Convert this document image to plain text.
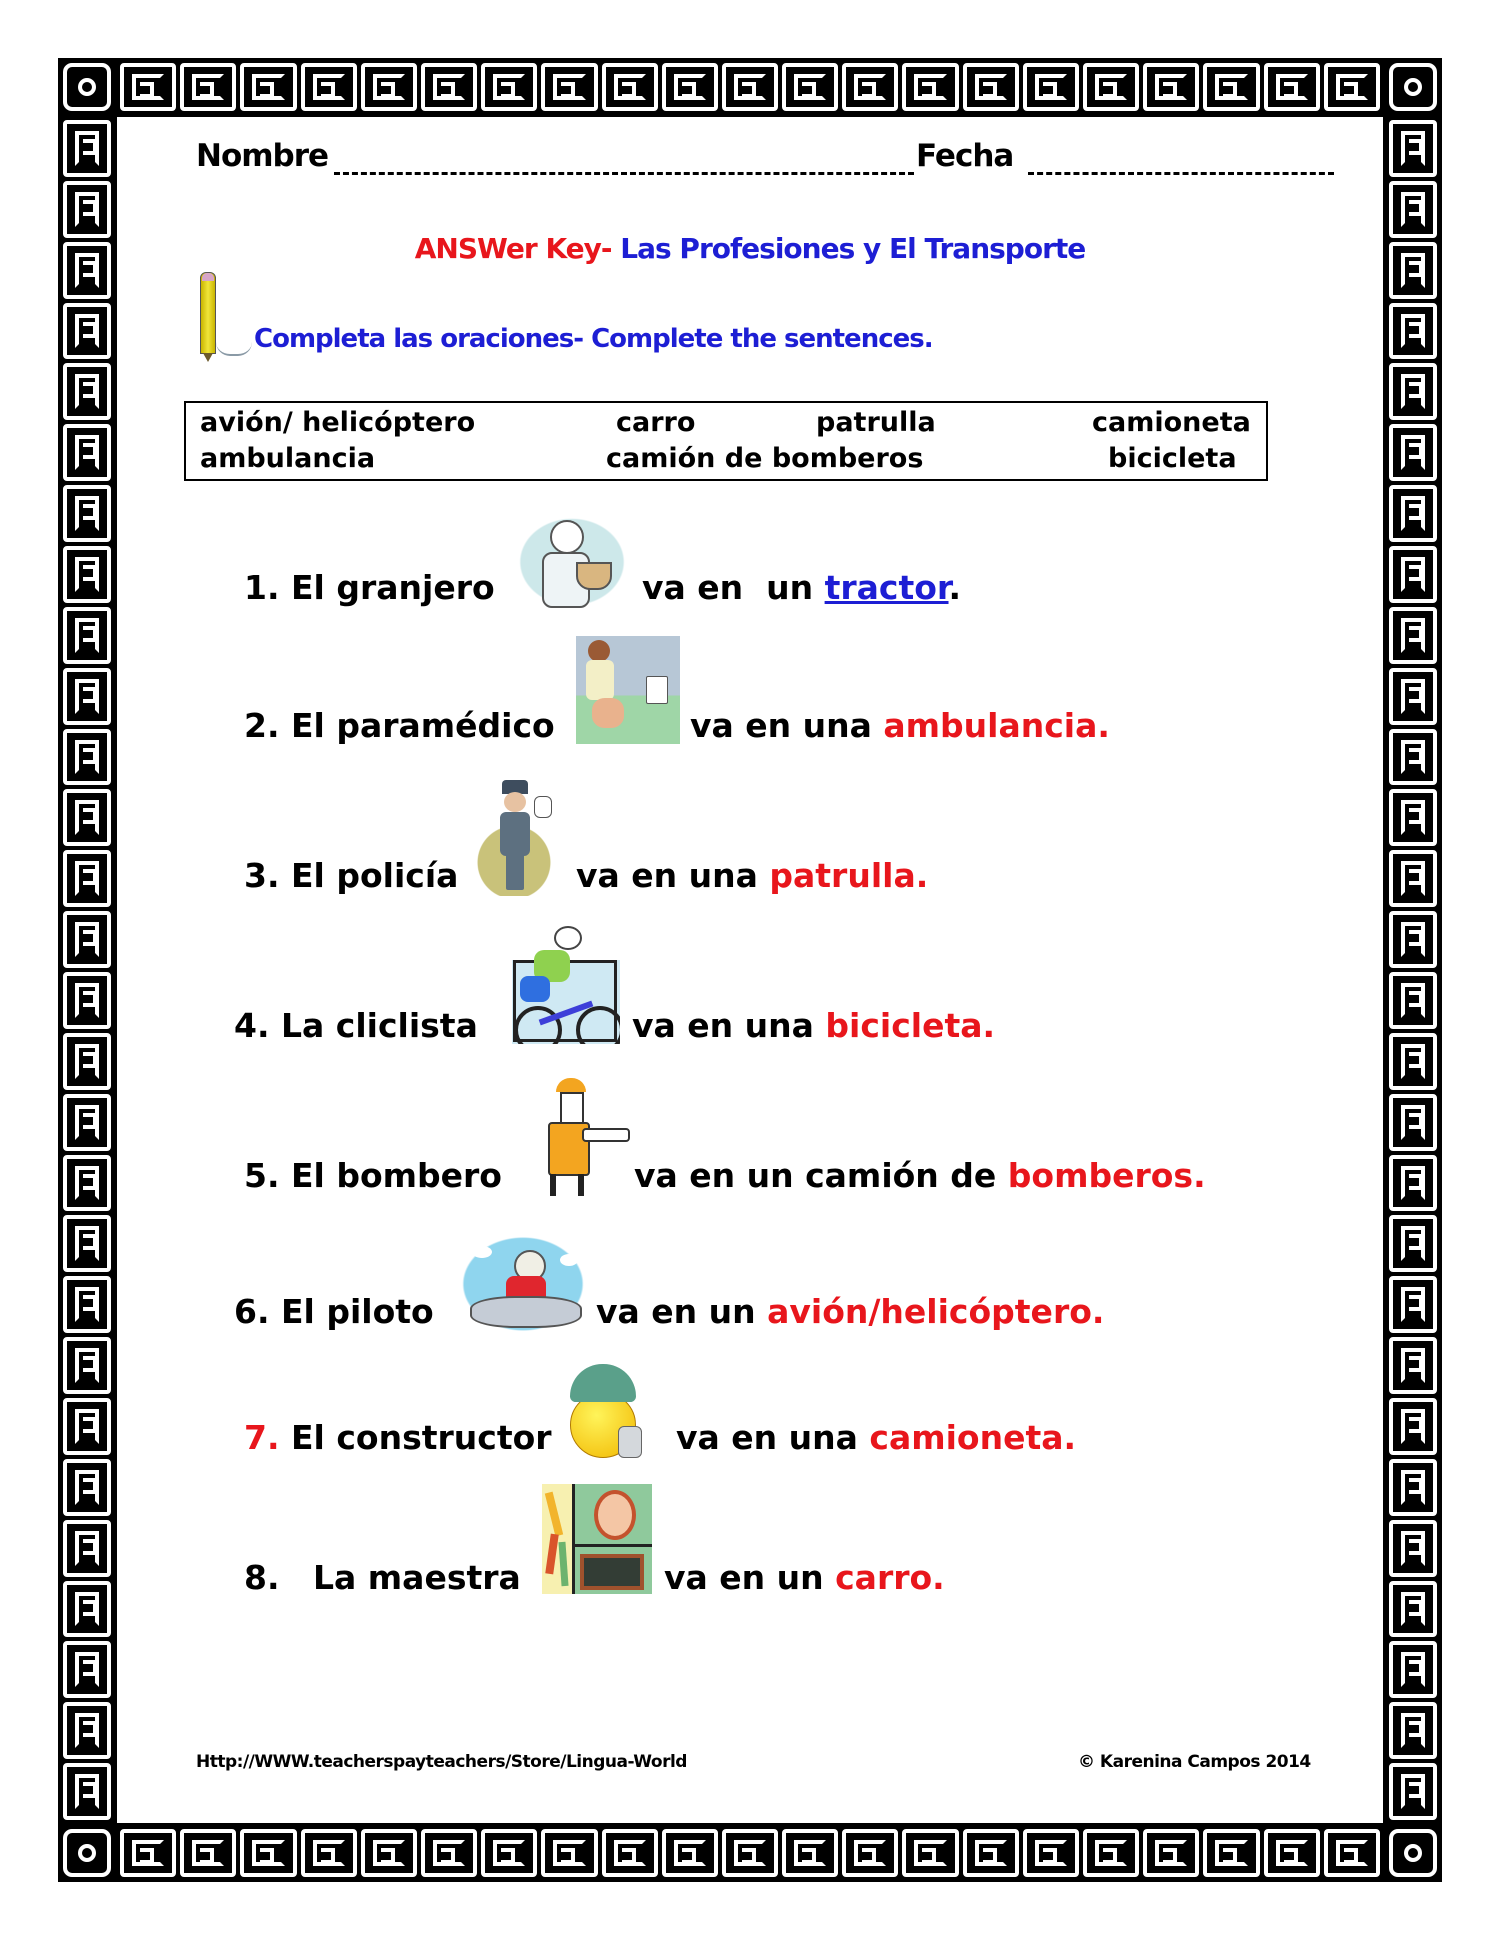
Nombre	Fecha
ANSWer Key- Las Profesiones y El Transporte
Completa las oraciones- Complete the sentences.
avión/ helicóptero	carro	patrulla	camioneta
ambulancia	camión de bomberos	bicicleta
1. El granjero	va en  un tractor.
2. El paramédico	va en una ambulancia.
3. El policía	va en una patrulla.
4. La cliclista	va en una bicicleta.
5. El bombero	va en un camión de bomberos.
6. El piloto	va en un avión/helicóptero.
7. El constructor	va en una camioneta.
8. La maestra	va en un carro.
Http://WWW.teacherspayteachers/Store/Lingua-World	© Karenina Campos 2014
